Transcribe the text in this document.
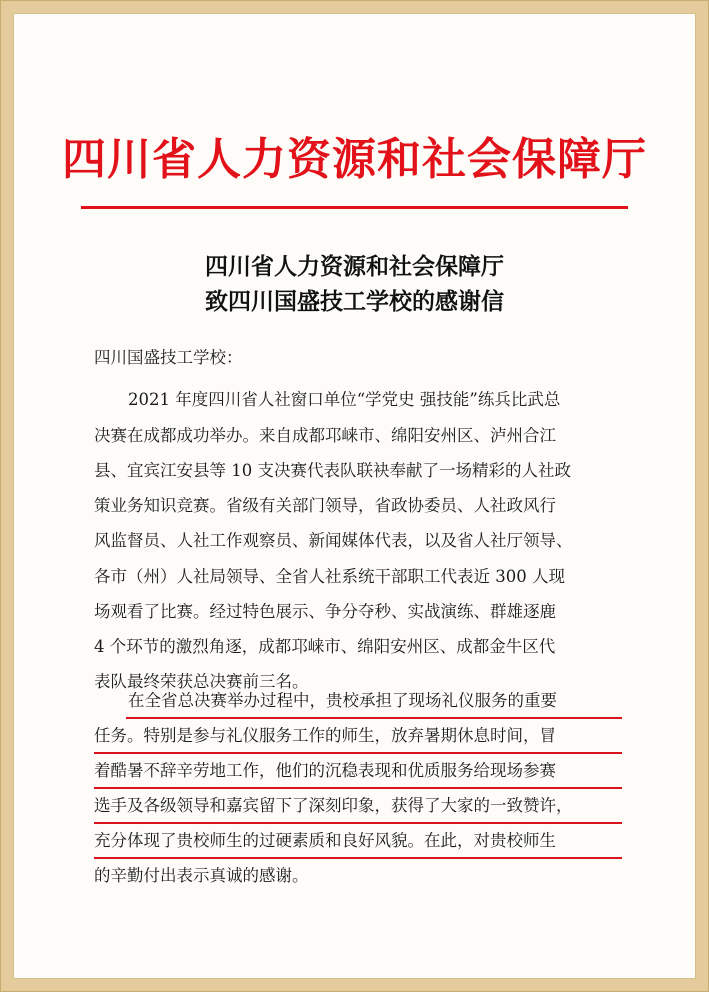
四川省人力资源和社会保障厅
四川省人力资源和社会保障厅
致四川国盛技工学校的感谢信
四川国盛技工学校：
2021 年度四川省人社窗口单位“学党史 强技能”练兵比武总
决赛在成都成功举办。来自成都邛崃市、绵阳安州区、泸州合江
县、宜宾江安县等 10 支决赛代表队联袂奉献了一场精彩的人社政
策业务知识竞赛。省级有关部门领导，省政协委员、人社政风行
风监督员、人社工作观察员、新闻媒体代表，以及省人社厅领导、
各市（州）人社局领导、全省人社系统干部职工代表近 300 人现
场观看了比赛。经过特色展示、争分夺秒、实战演练、群雄逐鹿
4 个环节的激烈角逐，成都邛崃市、绵阳安州区、成都金牛区代
表队最终荣获总决赛前三名。
在全省总决赛举办过程中，贵校承担了现场礼仪服务的重要
任务。特别是参与礼仪服务工作的师生，放弃暑期休息时间，冒
着酷暑不辞辛劳地工作，他们的沉稳表现和优质服务给现场参赛
选手及各级领导和嘉宾留下了深刻印象，获得了大家的一致赞许，
充分体现了贵校师生的过硬素质和良好风貌。在此，对贵校师生
的辛勤付出表示真诚的感谢。
